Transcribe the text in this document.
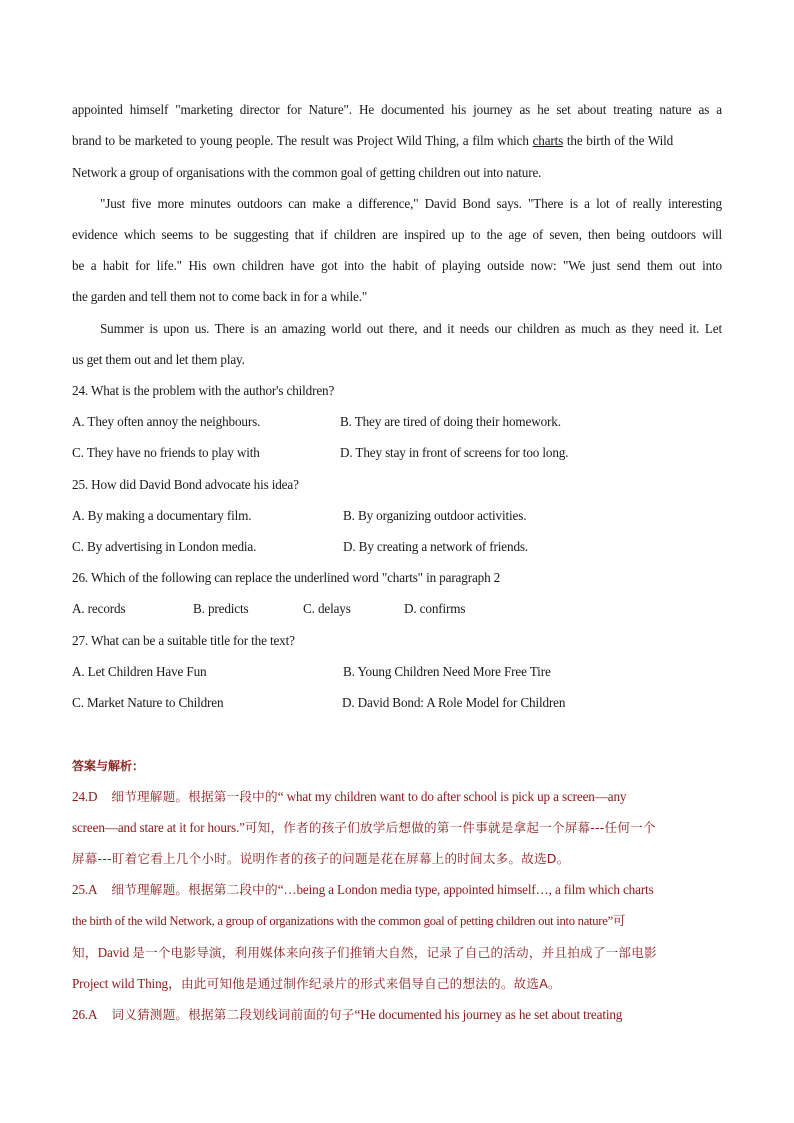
appointed himself "marketing director for Nature". He documented his journey as he set about treating nature as a
brand to be marketed to young people. The result was Project Wild Thing, a film which charts the birth of the Wild
Network a group of organisations with the common goal of getting children out into nature.
"Just five more minutes outdoors can make a difference," David Bond says. "There is a lot of really interesting
evidence which seems to be suggesting that if children are inspired up to the age of seven, then being outdoors will
be a habit for life." His own children have got into the habit of playing outside now: "We just send them out into
the garden and tell them not to come back in for a while."
Summer is upon us. There is an amazing world out there, and it needs our children as much as they need it. Let
us get them out and let them play.
24. What is the problem with the author's children?
A. They often annoy the neighbours.	B. They are tired of doing their homework.
C. They have no friends to play with	D. They stay in front of screens for too long.
25. How did David Bond advocate his idea?
A. By making a documentary film.	B. By organizing outdoor activities.
C. By advertising in London media.	D. By creating a network of friends.
26. Which of the following can replace the underlined word "charts" in paragraph 2
A. records	B. predicts	C. delays	D. confirms
27. What can be a suitable title for the text?
A. Let Children Have Fun	B. Young Children Need More Free Tire
C. Market Nature to Children	D. David Bond: A Role Model for Children
答案与解析：
24.D 细节理解题。根据第一段中的“ what my children want to do after school is pick up a screen—any
screen—and stare at it for hours.”可知，作者的孩子们放学后想做的第一件事就是拿起一个屏幕---任何一个
屏幕---盯着它看上几个小时。说明作者的孩子的问题是花在屏幕上的时间太多。故选D。
25.A 细节理解题。根据第二段中的“…being a London media type, appointed himself…, a film which charts
the birth of the wild Network, a group of organizations with the common goal of petting children out into nature”可
知，David 是一个电影导演，利用媒体来向孩子们推销大自然，记录了自己的活动，并且拍成了一部电影
Project wild Thing，由此可知他是通过制作纪录片的形式来倡导自己的想法的。故选A。
26.A 词义猜测题。根据第二段划线词前面的句子“He documented his journey as he set about treating
